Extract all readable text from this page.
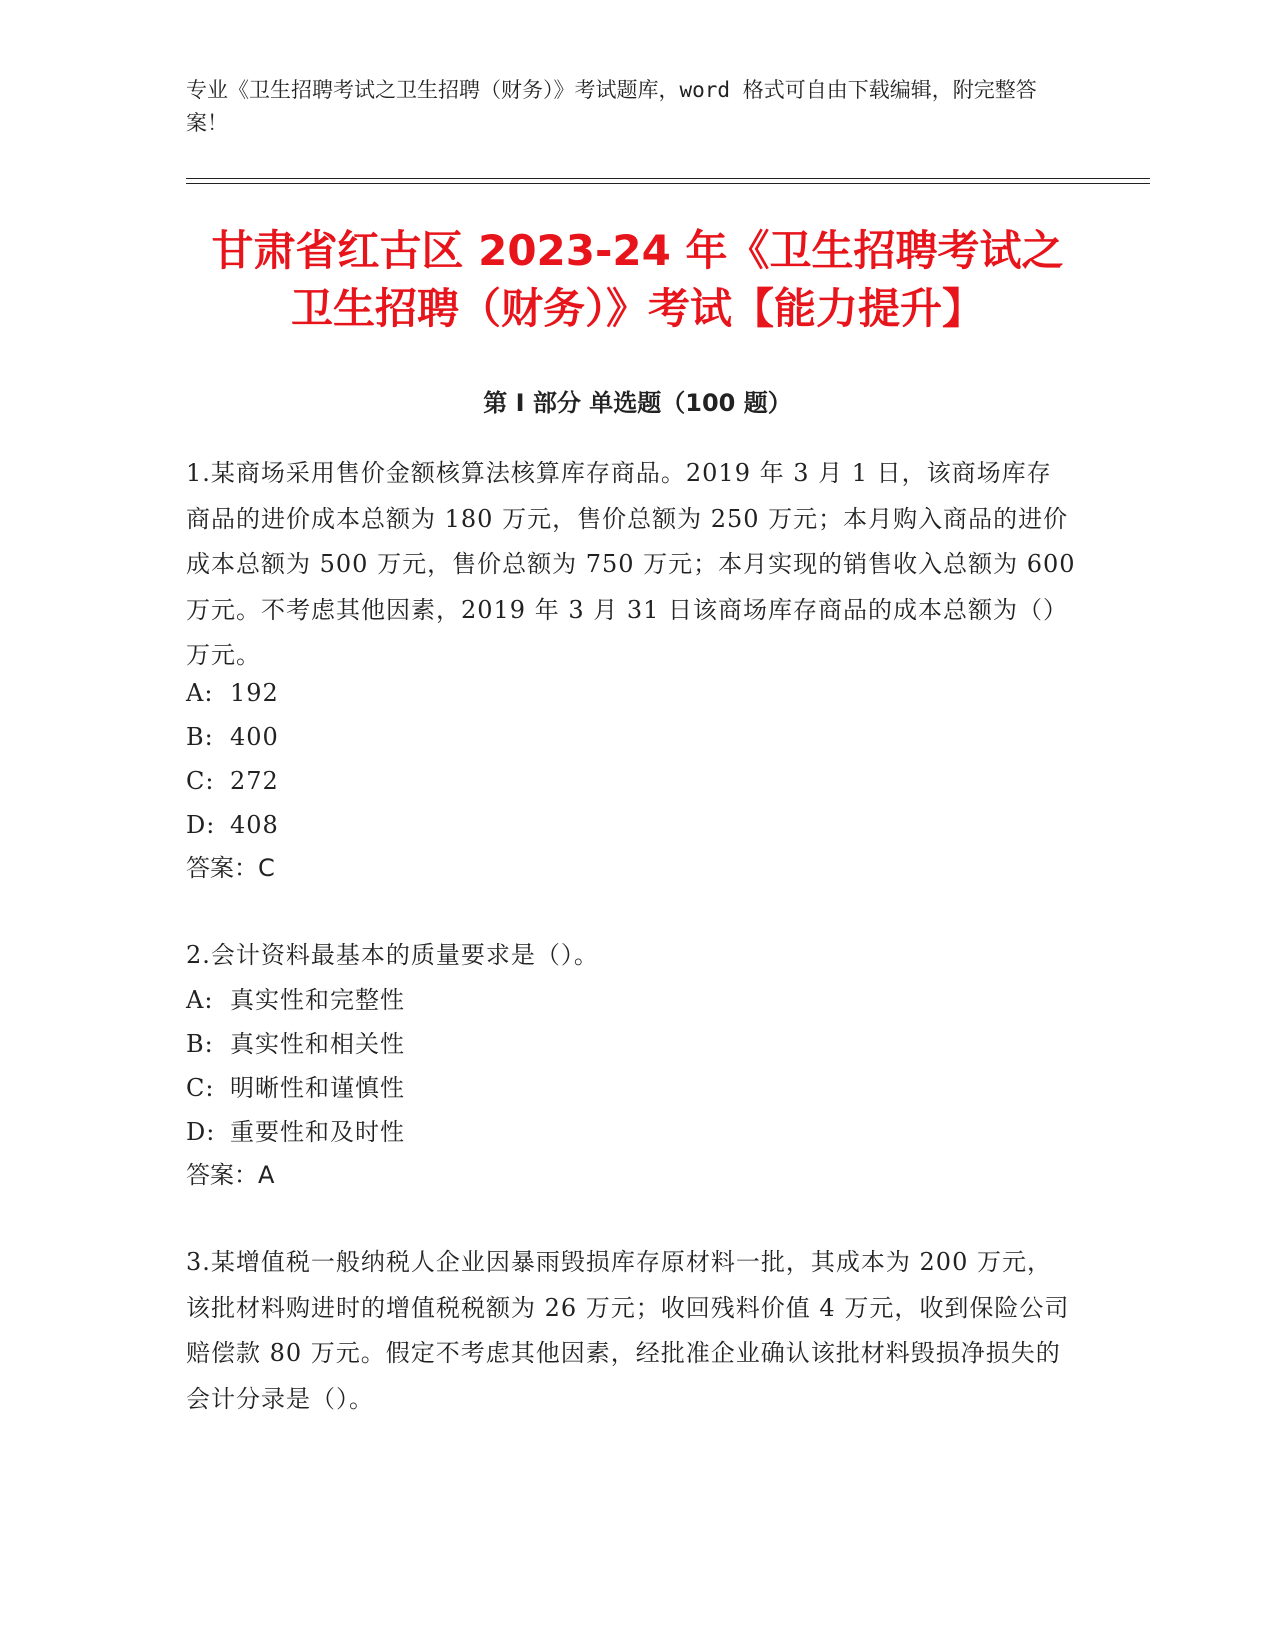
专业《卫生招聘考试之卫生招聘（财务）》考试题库，word 格式可自由下载编辑，附完整答案！
甘肃省红古区 2023-24 年《卫生招聘考试之
卫生招聘（财务）》考试【能力提升】
第 I 部分 单选题（100 题）
1.某商场采用售价金额核算法核算库存商品。2019 年 3 月 1 日，该商场库存商品的进价成本总额为 180 万元，售价总额为 250 万元；本月购入商品的进价成本总额为 500 万元，售价总额为 750 万元；本月实现的销售收入总额为 600 万元。不考虑其他因素，2019 年 3 月 31 日该商场库存商品的成本总额为（）万元。
A: 192
B: 400
C: 272
D: 408
答案：C
2.会计资料最基本的质量要求是（）。
A: 真实性和完整性
B: 真实性和相关性
C: 明晰性和谨慎性
D: 重要性和及时性
答案：A
3.某增值税一般纳税人企业因暴雨毁损库存原材料一批，其成本为 200 万元，该批材料购进时的增值税税额为 26 万元；收回残料价值 4 万元，收到保险公司赔偿款 80 万元。假定不考虑其他因素，经批准企业确认该批材料毁损净损失的会计分录是（）。
